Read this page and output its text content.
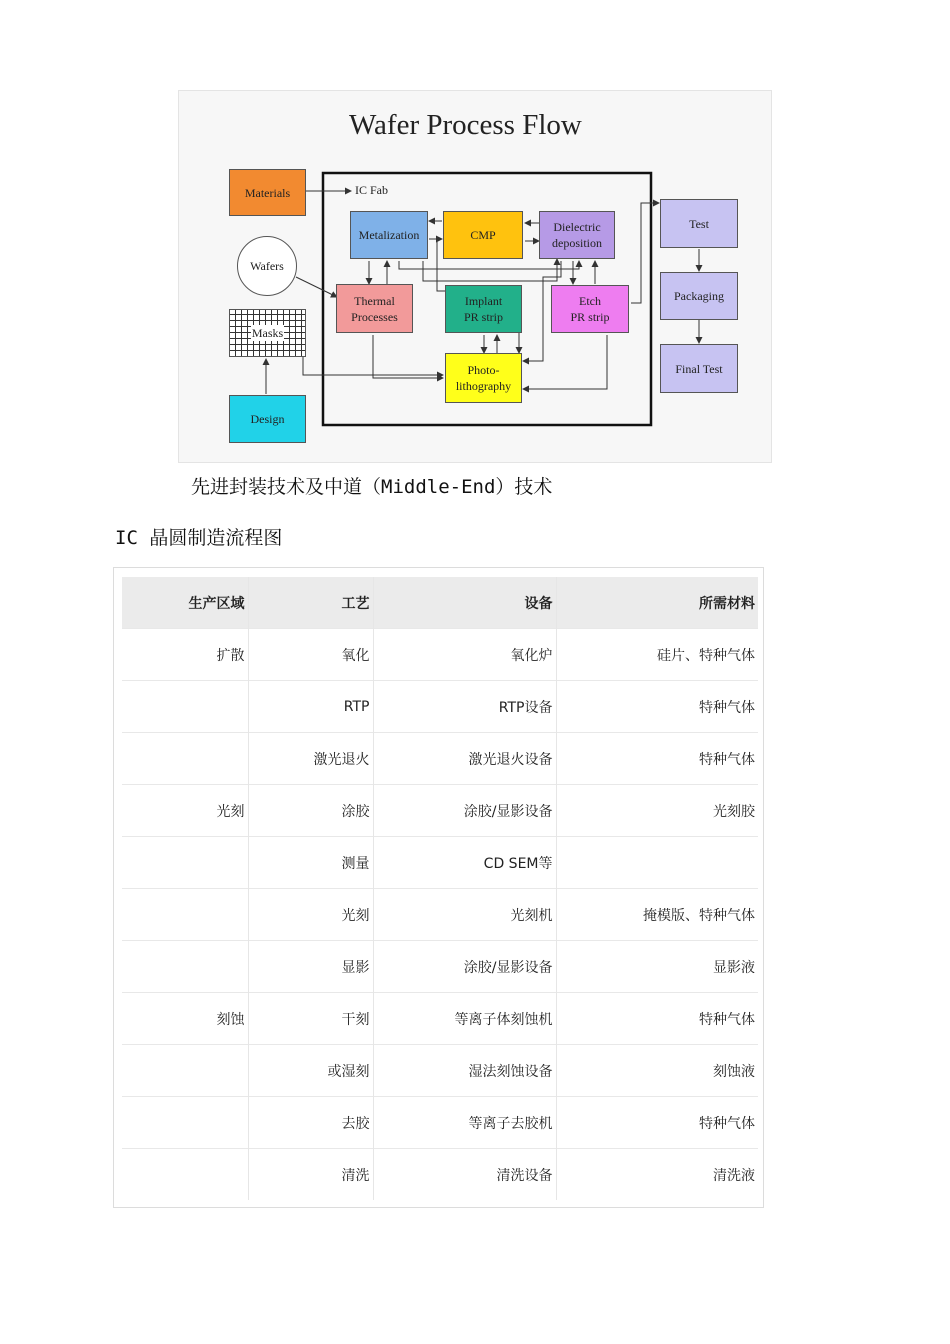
Wafer Process Flow
IC Fab
Materials
Wafers
Masks
Design
Metalization	CMP
Dielectric
deposition
Thermal
Processes
Implant
PR strip
Etch
PR strip
Photo-
lithography
Test
Packaging
Final Test
先进封装技术及中道（Middle-End）技术
IC 晶圆制造流程图
生产区域	工艺	设备	所需材料
扩散	氧化	氧化炉	硅片、特种气体
	RTP	RTP设备	特种气体
	激光退火	激光退火设备	特种气体
光刻	涂胶	涂胶/显影设备	光刻胶
	测量	CD SEM等	
	光刻	光刻机	掩模版、特种气体
	显影	涂胶/显影设备	显影液
刻蚀	干刻	等离子体刻蚀机	特种气体
	或湿刻	湿法刻蚀设备	刻蚀液
	去胶	等离子去胶机	特种气体
	清洗	清洗设备	清洗液
